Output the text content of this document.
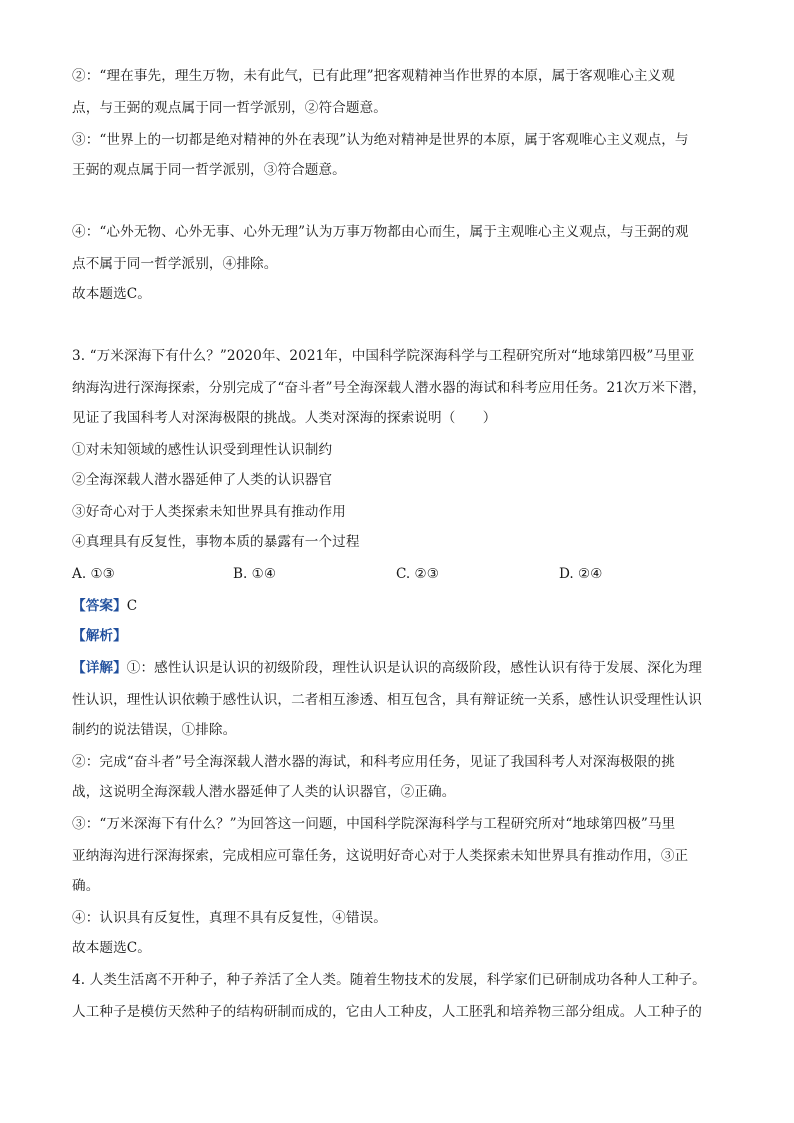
②：“理在事先，理生万物，未有此气，已有此理”把客观精神当作世界的本原，属于客观唯心主义观
点，与王弼的观点属于同一哲学派别，②符合题意。
③：“世界上的一切都是绝对精神的外在表现”认为绝对精神是世界的本原，属于客观唯心主义观点，与
王弼的观点属于同一哲学派别，③符合题意。
④：“心外无物、心外无事、心外无理”认为万事万物都由心而生，属于主观唯心主义观点，与王弼的观
点不属于同一哲学派别，④排除。
故本题选C。
3. “万米深海下有什么？”2020年、2021年，中国科学院深海科学与工程研究所对“地球第四极”马里亚
纳海沟进行深海探索，分别完成了“奋斗者”号全海深载人潜水器的海试和科考应用任务。21次万米下潜，
见证了我国科考人对深海极限的挑战。人类对深海的探索说明（　　）
①对未知领域的感性认识受到理性认识制约
②全海深载人潜水器延伸了人类的认识器官
③好奇心对于人类探索未知世界具有推动作用
④真理具有反复性，事物本质的暴露有一个过程
A. ①③	B. ①④	C. ②③	D. ②④
【答案】C
【解析】
【详解】①：感性认识是认识的初级阶段，理性认识是认识的高级阶段，感性认识有待于发展、深化为理
性认识，理性认识依赖于感性认识，二者相互渗透、相互包含，具有辩证统一关系，感性认识受理性认识
制约的说法错误，①排除。
②：完成“奋斗者”号全海深载人潜水器的海试，和科考应用任务，见证了我国科考人对深海极限的挑
战，这说明全海深载人潜水器延伸了人类的认识器官，②正确。
③：“万米深海下有什么？”为回答这一问题，中国科学院深海科学与工程研究所对“地球第四极”马里
亚纳海沟进行深海探索，完成相应可靠任务，这说明好奇心对于人类探索未知世界具有推动作用，③正
确。
④：认识具有反复性，真理不具有反复性，④错误。
故本题选C。
4. 人类生活离不开种子，种子养活了全人类。随着生物技术的发展，科学家们已研制成功各种人工种子。
人工种子是模仿天然种子的结构研制而成的，它由人工种皮，人工胚乳和培养物三部分组成。人工种子的
